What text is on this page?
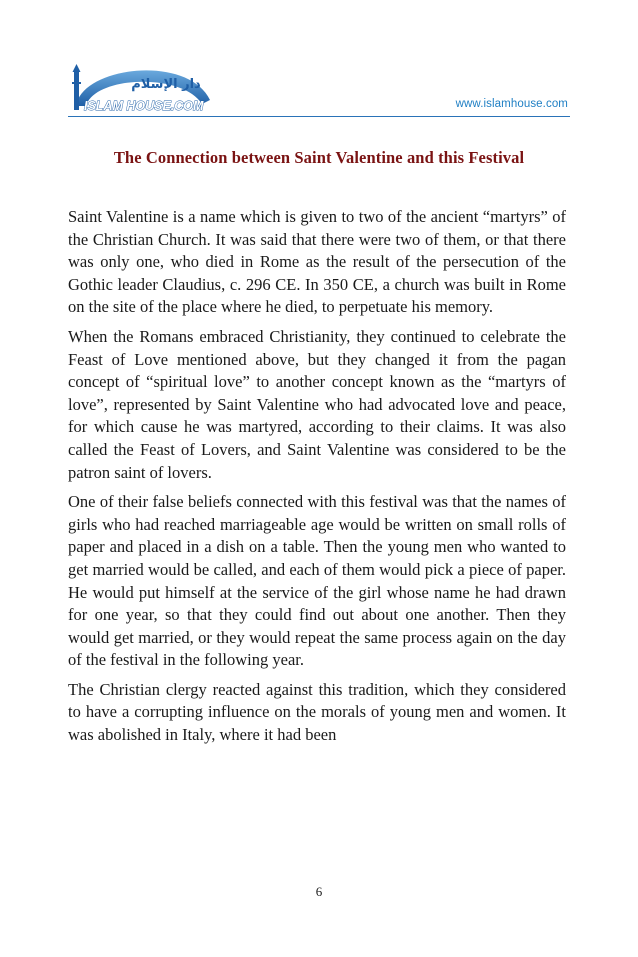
دار الإسلام
ISLAM HOUSE.COM	www.islamhouse.com
The Connection between Saint Valentine and this Festival

Saint Valentine is a name which is given to two of the ancient “martyrs” of the Christian Church. It was said that there were two of them, or that there was only one, who died in Rome as the result of the persecution of the Gothic leader Claudius, c. 296 CE. In 350 CE, a church was built in Rome on the site of the place where he died, to perpetuate his memory.

When the Romans embraced Christianity, they continued to celebrate the Feast of Love mentioned above, but they changed it from the pagan concept of “spiritual love” to another concept known as the “martyrs of love”, represented by Saint Valentine who had advocated love and peace, for which cause he was martyred, according to their claims. It was also called the Feast of Lovers, and Saint Valentine was considered to be the patron saint of lovers.

One of their false beliefs connected with this festival was that the names of girls who had reached marriageable age would be written on small rolls of paper and placed in a dish on a table. Then the young men who wanted to get married would be called, and each of them would pick a piece of paper. He would put himself at the service of the girl whose name he had drawn for one year, so that they could find out about one another. Then they would get married, or they would repeat the same process again on the day of the festival in the following year.

The Christian clergy reacted against this tradition, which they considered to have a corrupting influence on the morals of young men and women. It was abolished in Italy, where it had been

6
